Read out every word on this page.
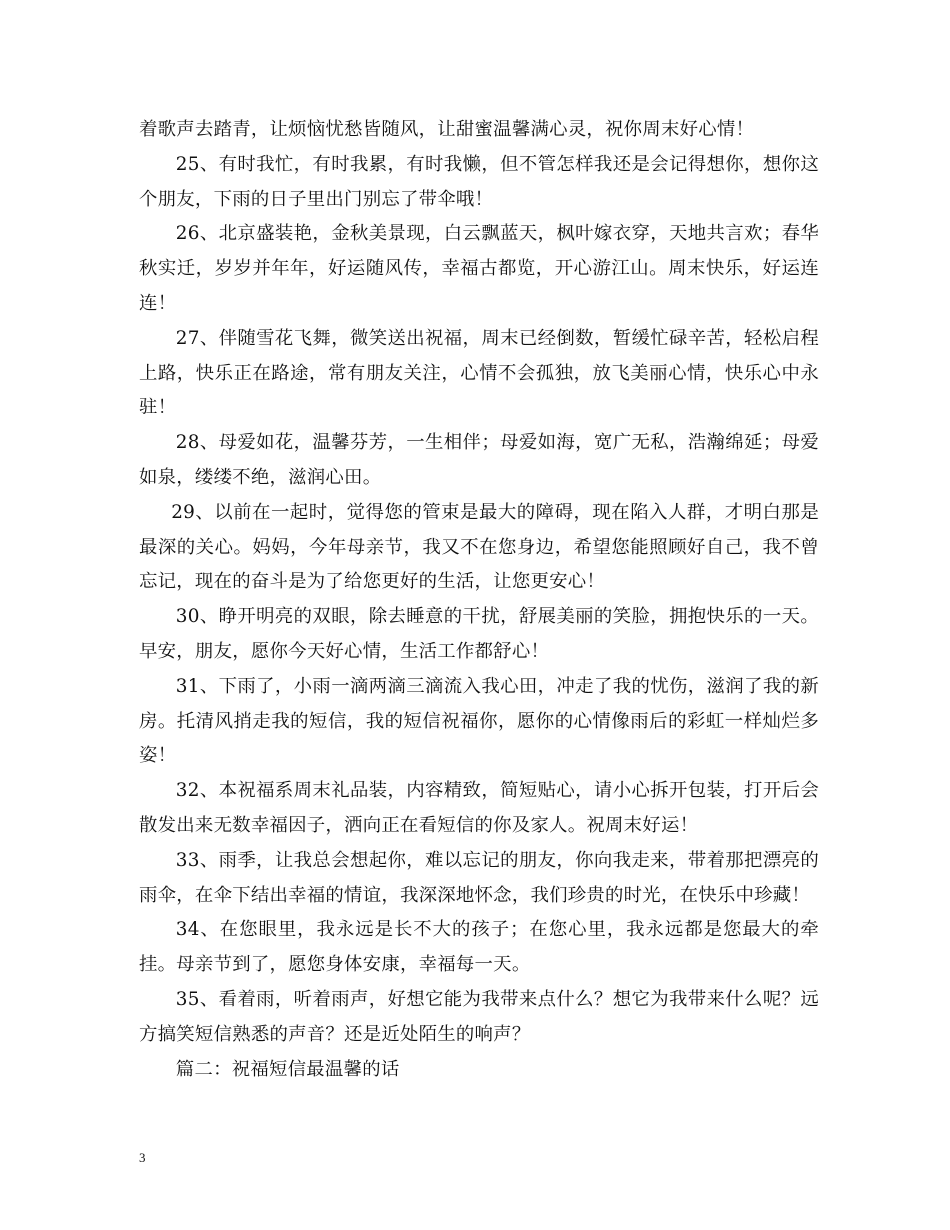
着歌声去踏青，让烦恼忧愁皆随风，让甜蜜温馨满心灵，祝你周末好心情！

25、有时我忙，有时我累，有时我懒，但不管怎样我还是会记得想你，想你这个朋友，下雨的日子里出门别忘了带伞哦！

26、北京盛装艳，金秋美景现，白云飘蓝天，枫叶嫁衣穿，天地共言欢；春华秋实迁，岁岁并年年，好运随风传，幸福古都览，开心游江山。周末快乐，好运连连！

27、伴随雪花飞舞，微笑送出祝福，周末已经倒数，暂缓忙碌辛苦，轻松启程上路，快乐正在路途，常有朋友关注，心情不会孤独，放飞美丽心情，快乐心中永驻！

28、母爱如花，温馨芬芳，一生相伴；母爱如海，宽广无私，浩瀚绵延；母爱如泉，缕缕不绝，滋润心田。

29、以前在一起时，觉得您的管束是最大的障碍，现在陷入人群，才明白那是最深的关心。妈妈，今年母亲节，我又不在您身边，希望您能照顾好自己，我不曾忘记，现在的奋斗是为了给您更好的生活，让您更安心！

30、睁开明亮的双眼，除去睡意的干扰，舒展美丽的笑脸，拥抱快乐的一天。早安，朋友，愿你今天好心情，生活工作都舒心！

31、下雨了，小雨一滴两滴三滴流入我心田，冲走了我的忧伤，滋润了我的新房。托清风捎走我的短信，我的短信祝福你，愿你的心情像雨后的彩虹一样灿烂多姿！

32、本祝福系周末礼品装，内容精致，简短贴心，请小心拆开包装，打开后会散发出来无数幸福因子，洒向正在看短信的你及家人。祝周末好运！

33、雨季，让我总会想起你，难以忘记的朋友，你向我走来，带着那把漂亮的雨伞，在伞下结出幸福的情谊，我深深地怀念，我们珍贵的时光，在快乐中珍藏！

34、在您眼里，我永远是长不大的孩子；在您心里，我永远都是您最大的牵挂。母亲节到了，愿您身体安康，幸福每一天。

35、看着雨，听着雨声，好想它能为我带来点什么？想它为我带来什么呢？远方搞笑短信熟悉的声音？还是近处陌生的响声？

篇二：祝福短信最温馨的话

3
